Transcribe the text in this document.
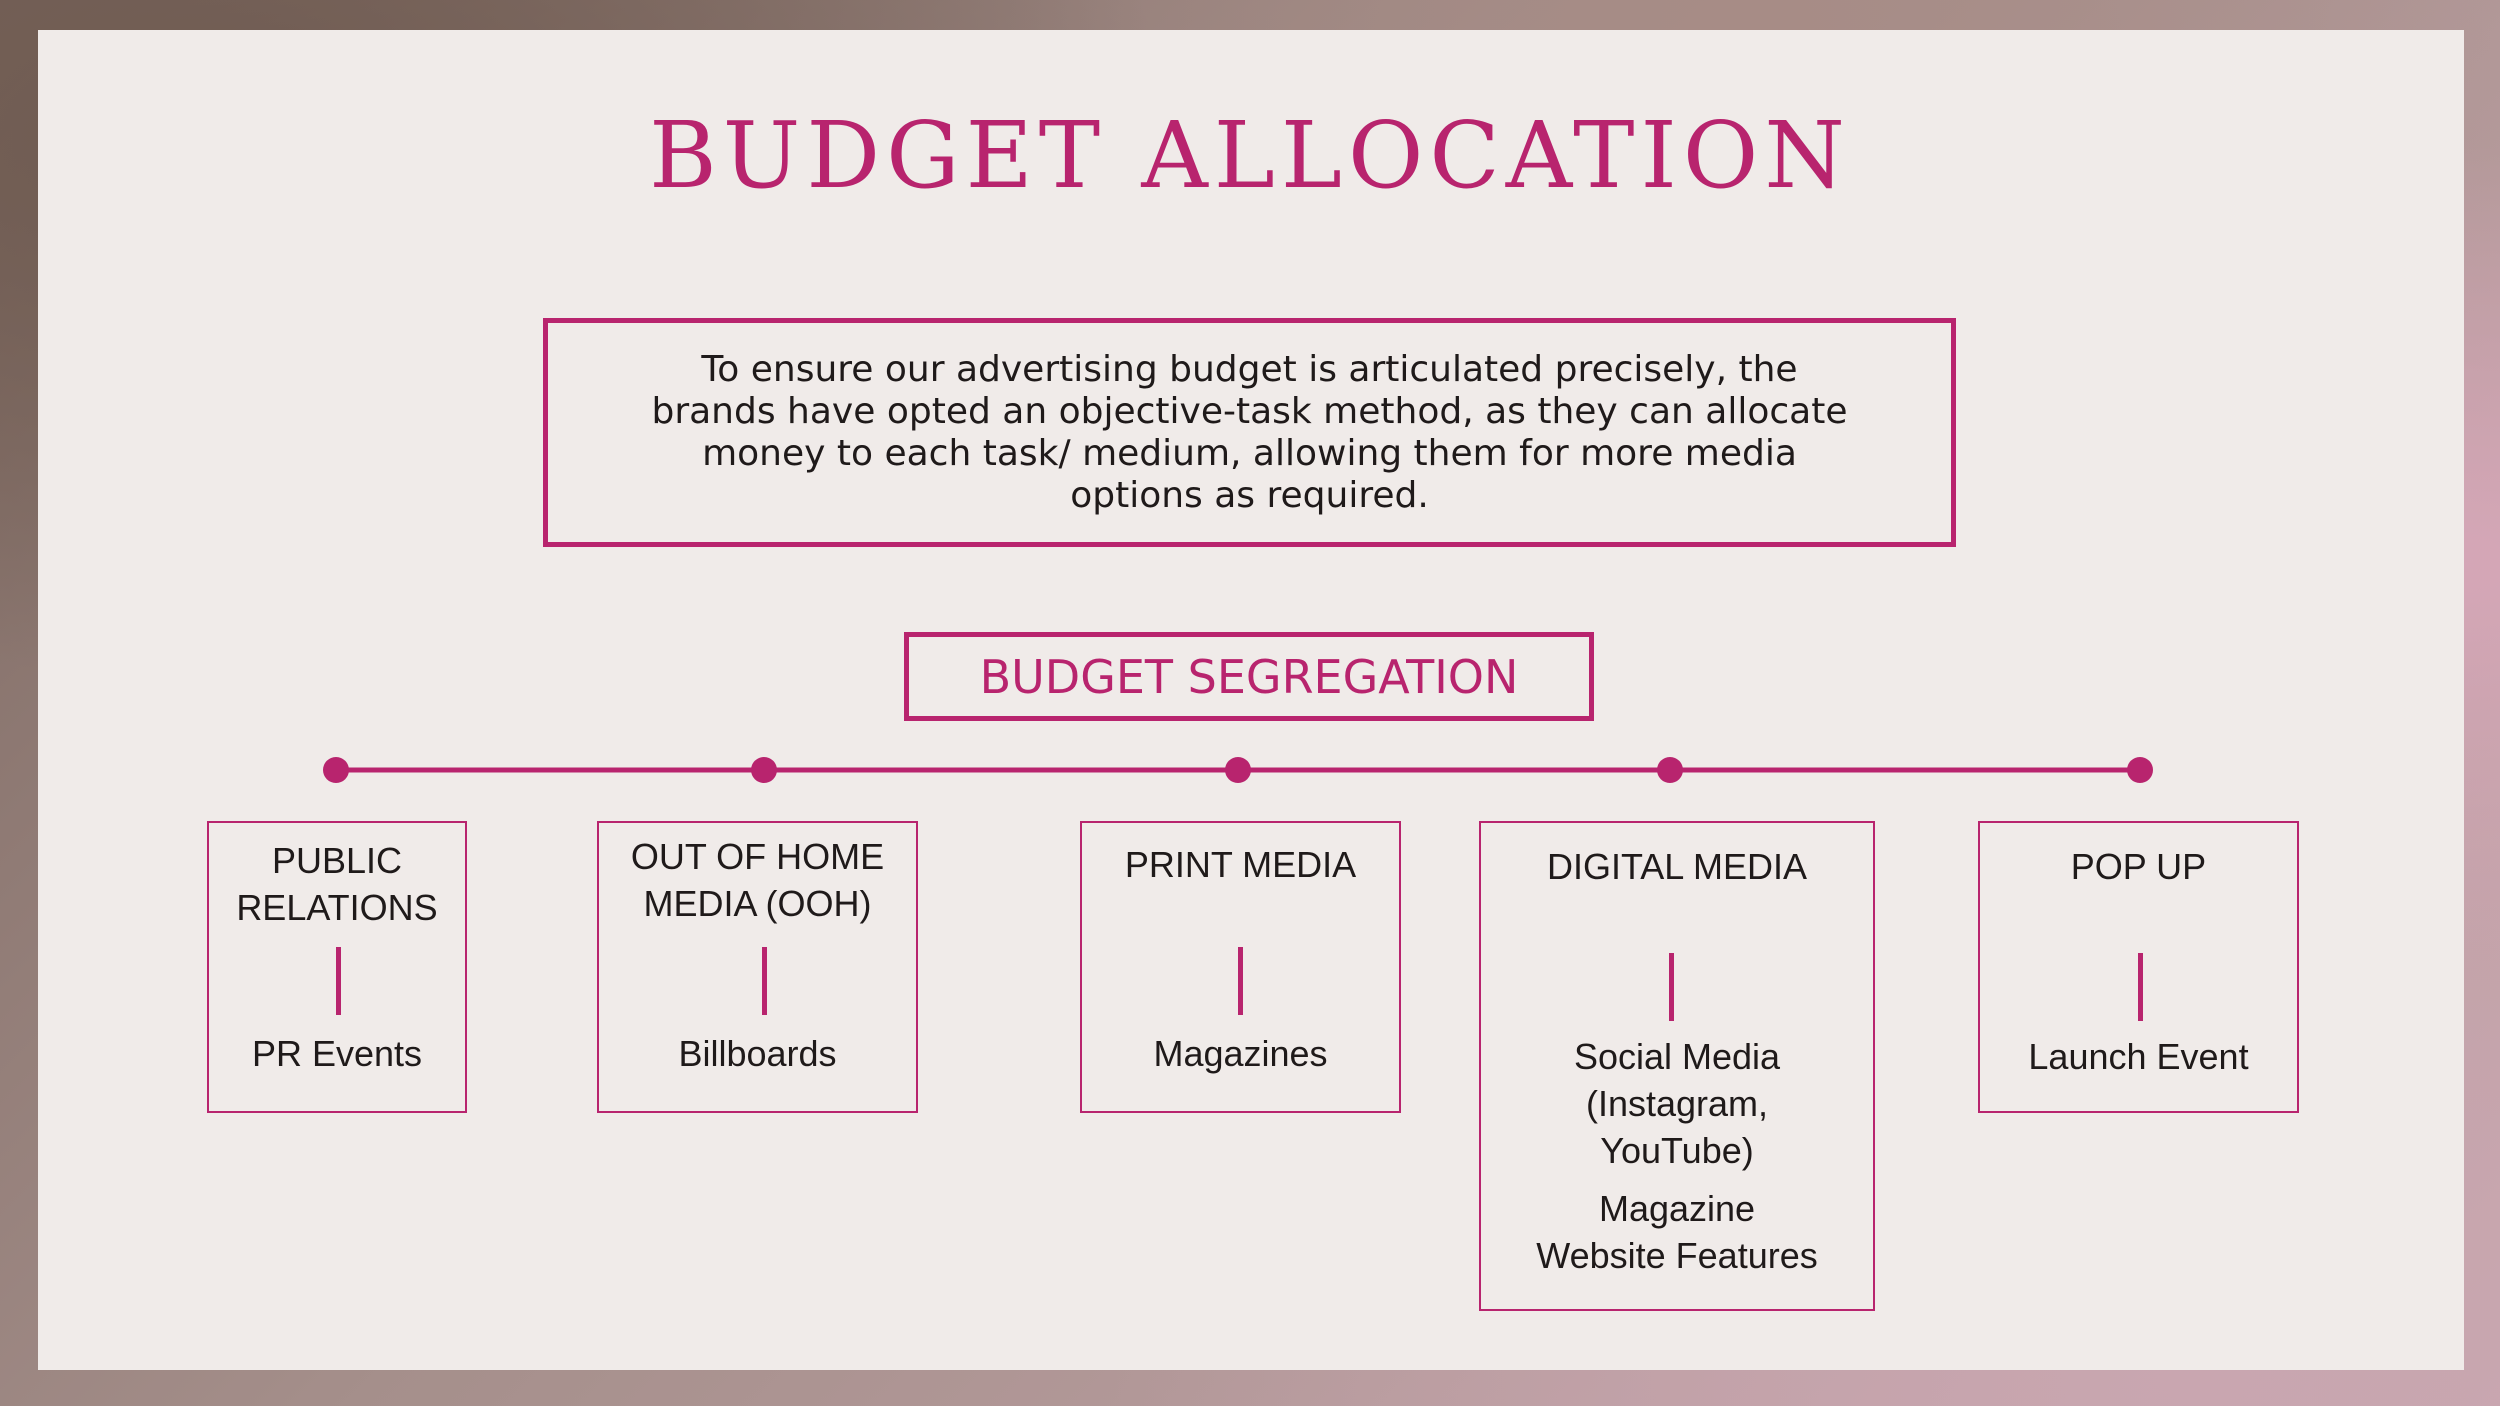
BUDGET ALLOCATION
To ensure our advertising budget is articulated precisely, the brands have opted an objective-task method, as they can allocate money to each task/ medium, allowing them for more media options as required.
BUDGET SEGREGATION
PUBLIC RELATIONS
PR Events
OUT OF HOME MEDIA (OOH)
Billboards
PRINT MEDIA
Magazines
DIGITAL MEDIA
Social Media (Instagram, YouTube)
Magazine Website Features
POP UP
Launch Event
